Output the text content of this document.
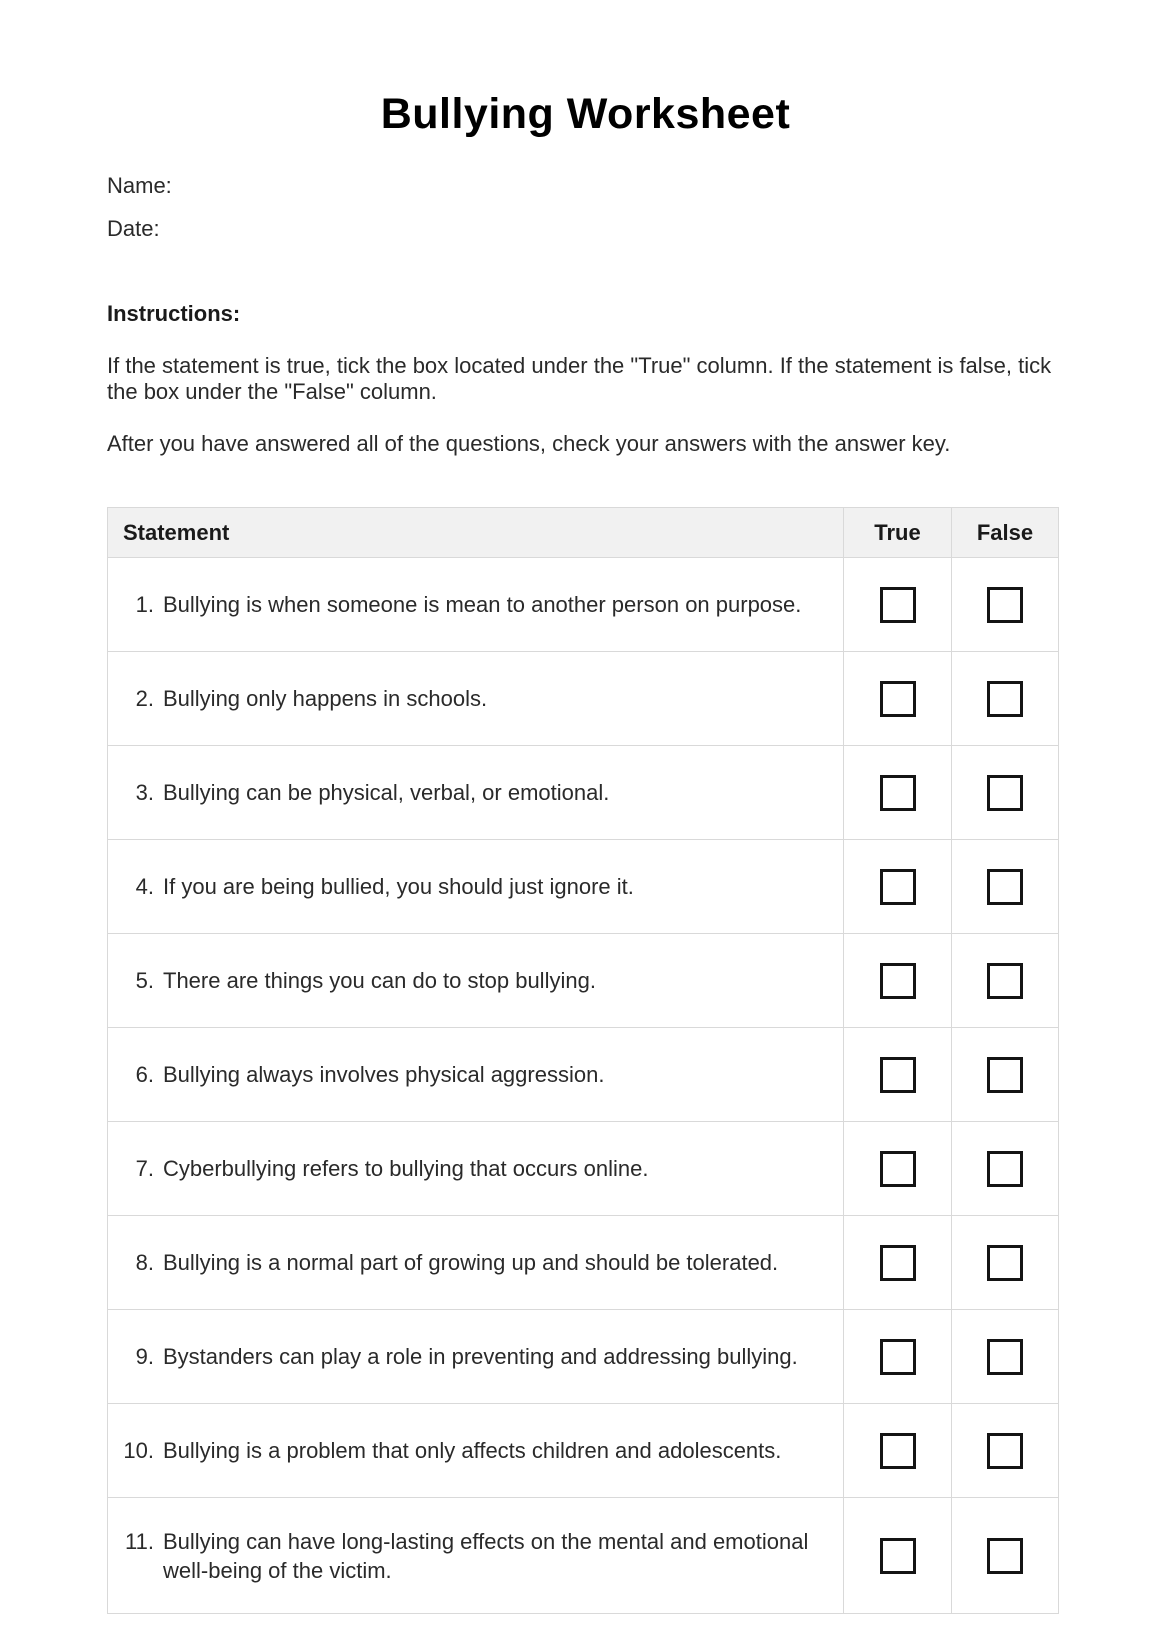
Bullying Worksheet
Name:
Date:
Instructions:

If the statement is true, tick the box located under the "True" column. If the statement is false, tick the box under the "False" column.

After you have answered all of the questions, check your answers with the answer key.

Statement	True	False

1. Bullying is when someone is mean to another person on purpose.		

2. Bullying only happens in schools.		

3. Bullying can be physical, verbal, or emotional.		

4. If you are being bullied, you should just ignore it.		

5. There are things you can do to stop bullying.		

6. Bullying always involves physical aggression.		

7. Cyberbullying refers to bullying that occurs online.		

8. Bullying is a normal part of growing up and should be tolerated.		

9. Bystanders can play a role in preventing and addressing bullying.		

10. Bullying is a problem that only affects children and adolescents.		

11. Bullying can have long-lasting effects on the mental and emotional well-being of the victim.		
